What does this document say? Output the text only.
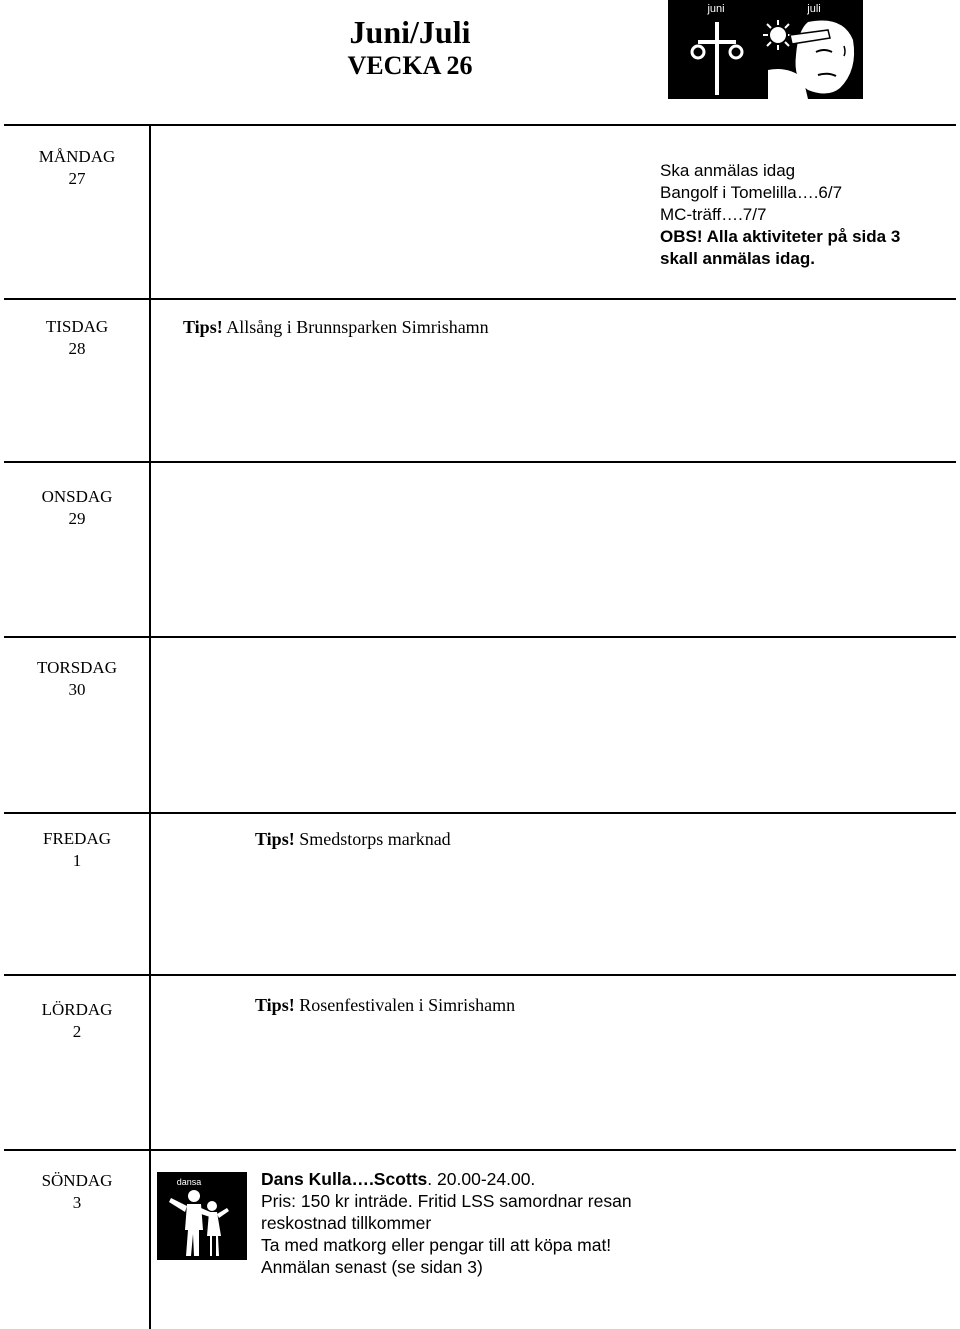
Juni/Juli
VECKA 26
juni	juli
MÅNDAG
27
TISDAG
28
ONSDAG
29
TORSDAG
30
FREDAG
1
LÖRDAG
2
SÖNDAG
3
Ska anmälas idag
Bangolf i Tomelilla….6/7
MC-träff….7/7
OBS! Alla aktiviteter på sida 3
skall anmälas idag.
Tips! Allsång i Brunnsparken Simrishamn
Tips! Smedstorps marknad
Tips! Rosenfestivalen i Simrishamn
dansa	Dans Kulla….Scotts. 20.00-24.00.
Pris: 150 kr inträde. Fritid LSS samordnar resan
reskostnad tillkommer
Ta med matkorg eller pengar till att köpa mat!
Anmälan senast (se sidan 3)
